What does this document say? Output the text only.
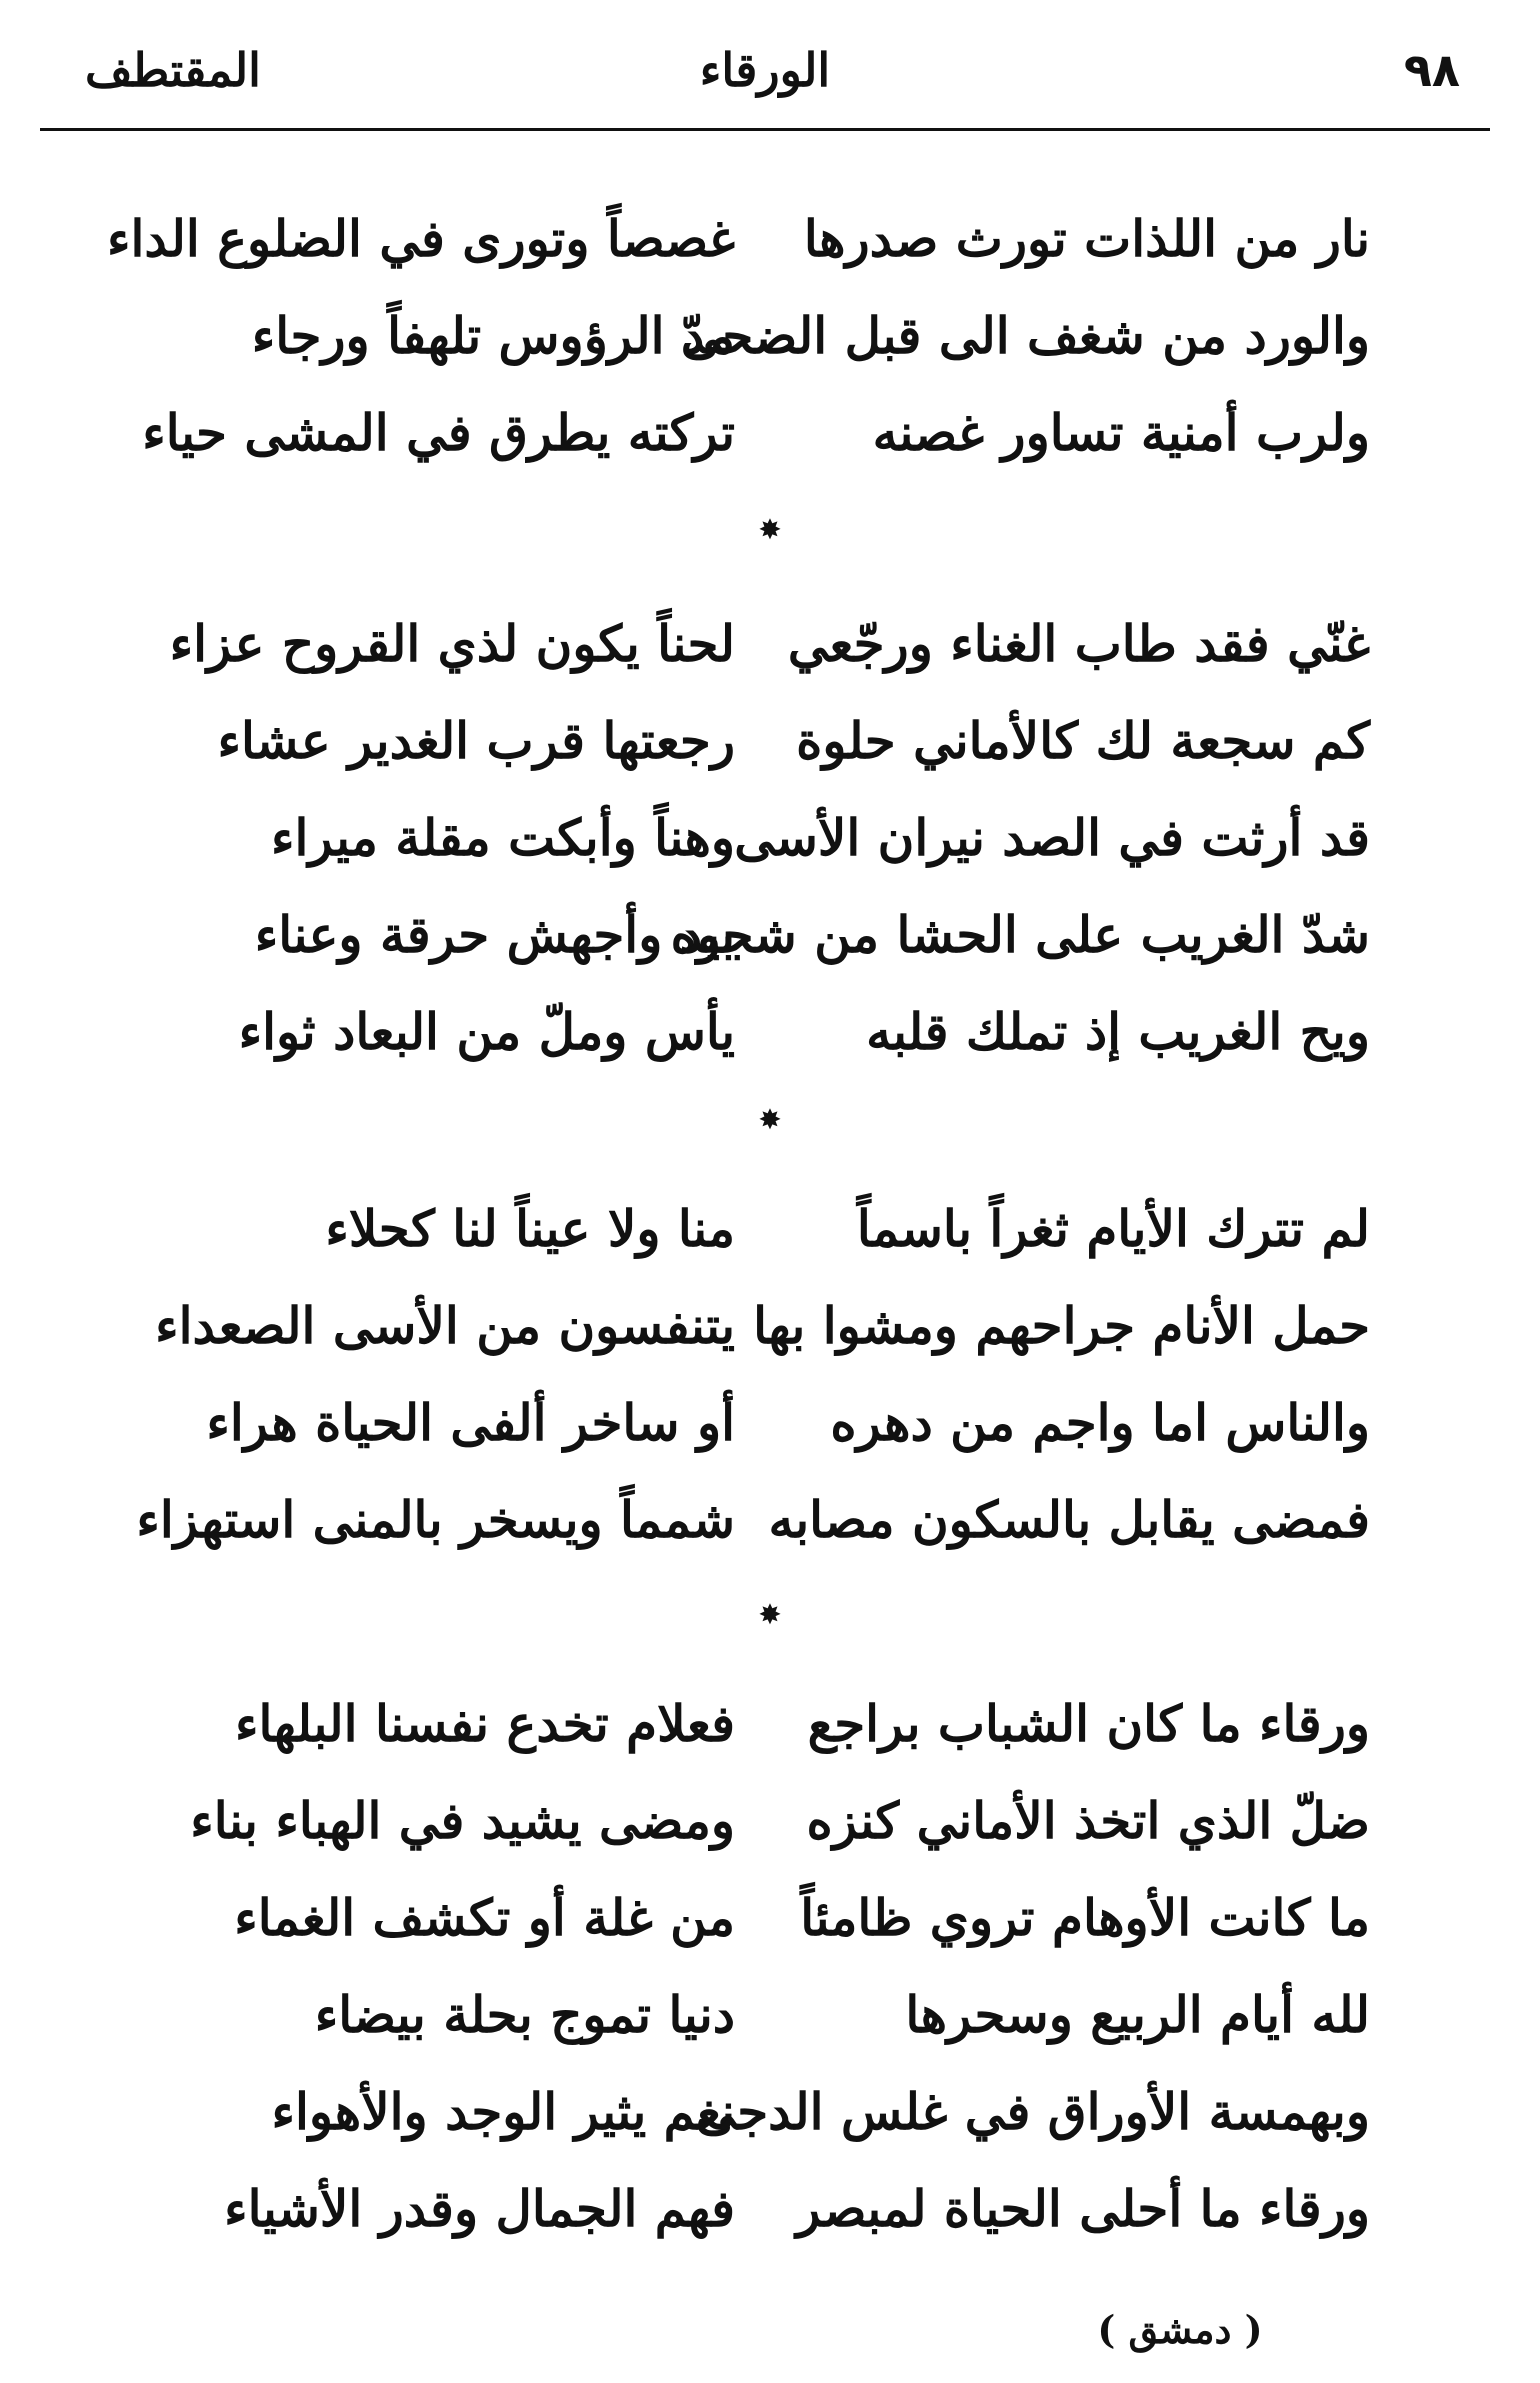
٩٨
الورقاء
المقتطف
نار من اللذات تورث صدرها
غصصاً وتورى في الضلوع الداء
والورد من شغف الى قبل الضحى
مدّ الرؤوس تلهفاً ورجاء
ولرب أمنية تساور غصنه
تركته يطرق في المشى حياء
✸
غنّي فقد طاب الغناء ورجّعي
لحناً يكون لذي القروح عزاء
كم سجعة لك كالأماني حلوة
رجعتها قرب الغدير عشاء
قد أرثت في الصد نيران الأسى
وهناً وأبكت مقلة ميراء
شدّ الغريب على الحشا من شجوه
بيد وأجهش حرقة وعناء
ويح الغريب إذ تملك قلبه
يأس وملّ من البعاد ثواء
✸
لم تترك الأيام ثغراً باسماً
منا ولا عيناً لنا كحلاء
حمل الأنام جراحهم ومشوا بها
يتنفسون من الأسى الصعداء
والناس اما واجم من دهره
أو ساخر ألفى الحياة هراء
فمضى يقابل بالسكون مصابه
شمماً ويسخر بالمنى استهزاء
✸
ورقاء ما كان الشباب براجع
فعلام تخدع نفسنا البلهاء
ضلّ الذي اتخذ الأماني كنزه
ومضى يشيد في الهباء بناء
ما كانت الأوهام تروي ظامئاً
من غلة أو تكشف الغماء
لله أيام الربيع وسحرها
دنيا تموج بحلة بيضاء
وبهمسة الأوراق في غلس الدجى
نغم يثير الوجد والأهواء
ورقاء ما أحلى الحياة لمبصر
فهم الجمال وقدر الأشياء
( دمشق )
